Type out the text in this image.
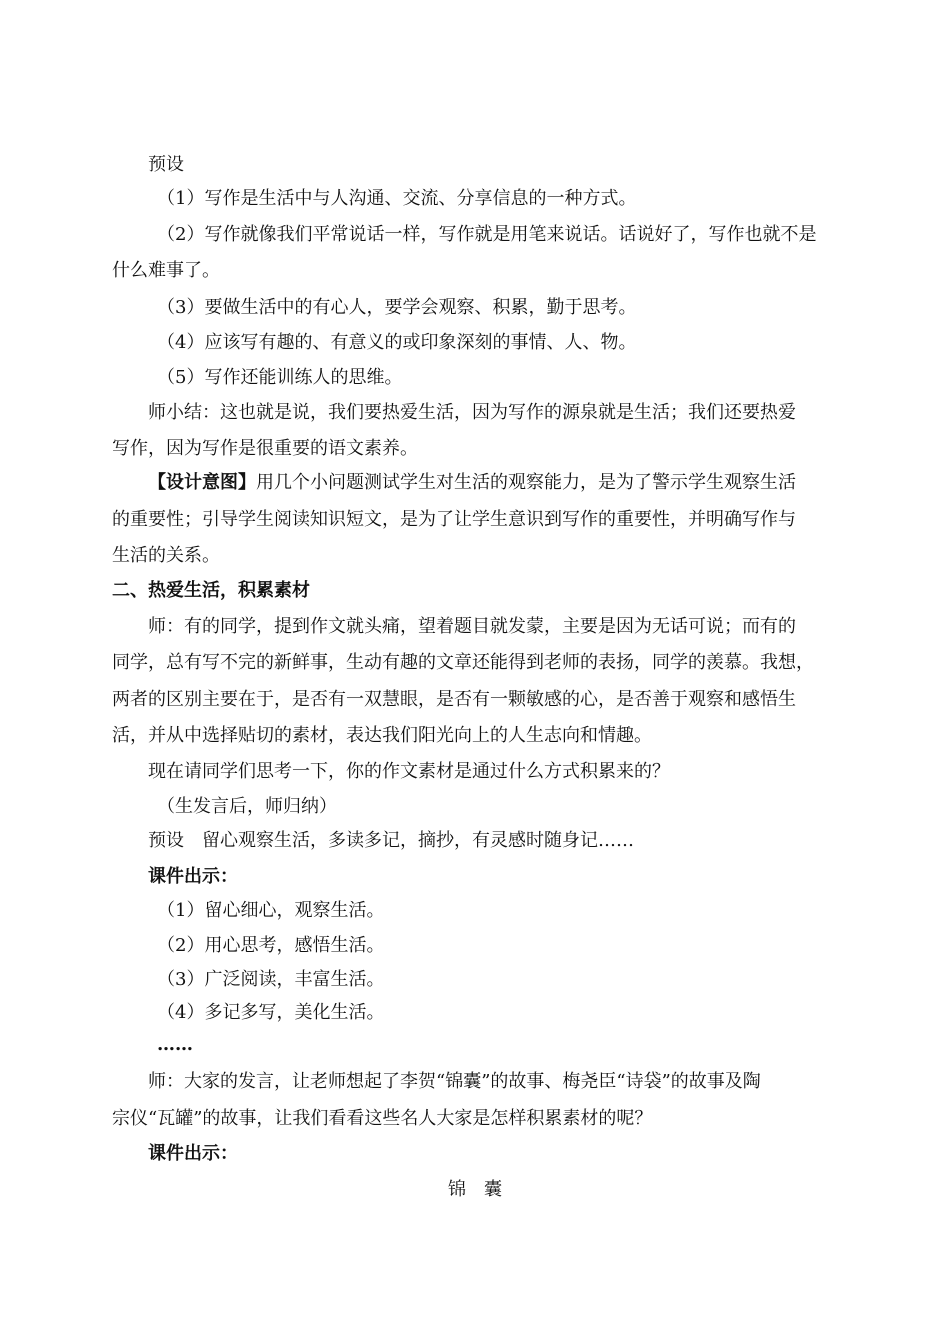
预设
（1）写作是生活中与人沟通、交流、分享信息的一种方式。
（2）写作就像我们平常说话一样，写作就是用笔来说话。话说好了，写作也就不是
什么难事了。
（3）要做生活中的有心人，要学会观察、积累，勤于思考。
（4）应该写有趣的、有意义的或印象深刻的事情、人、物。
（5）写作还能训练人的思维。
师小结：这也就是说，我们要热爱生活，因为写作的源泉就是生活；我们还要热爱
写作，因为写作是很重要的语文素养。
【设计意图】用几个小问题测试学生对生活的观察能力，是为了警示学生观察生活
的重要性；引导学生阅读知识短文，是为了让学生意识到写作的重要性，并明确写作与
生活的关系。
二、热爱生活，积累素材
师：有的同学，提到作文就头痛，望着题目就发蒙，主要是因为无话可说；而有的
同学，总有写不完的新鲜事，生动有趣的文章还能得到老师的表扬，同学的羡慕。我想，
两者的区别主要在于，是否有一双慧眼，是否有一颗敏感的心，是否善于观察和感悟生
活，并从中选择贴切的素材，表达我们阳光向上的人生志向和情趣。
现在请同学们思考一下，你的作文素材是通过什么方式积累来的？
（生发言后，师归纳）
预设　留心观察生活，多读多记，摘抄，有灵感时随身记……
课件出示：
（1）留心细心，观察生活。
（2）用心思考，感悟生活。
（3）广泛阅读，丰富生活。
（4）多记多写，美化生活。
……
师：大家的发言，让老师想起了李贺“锦囊”的故事、梅尧臣“诗袋”的故事及陶
宗仪“瓦罐”的故事，让我们看看这些名人大家是怎样积累素材的呢？
课件出示：
锦　囊
